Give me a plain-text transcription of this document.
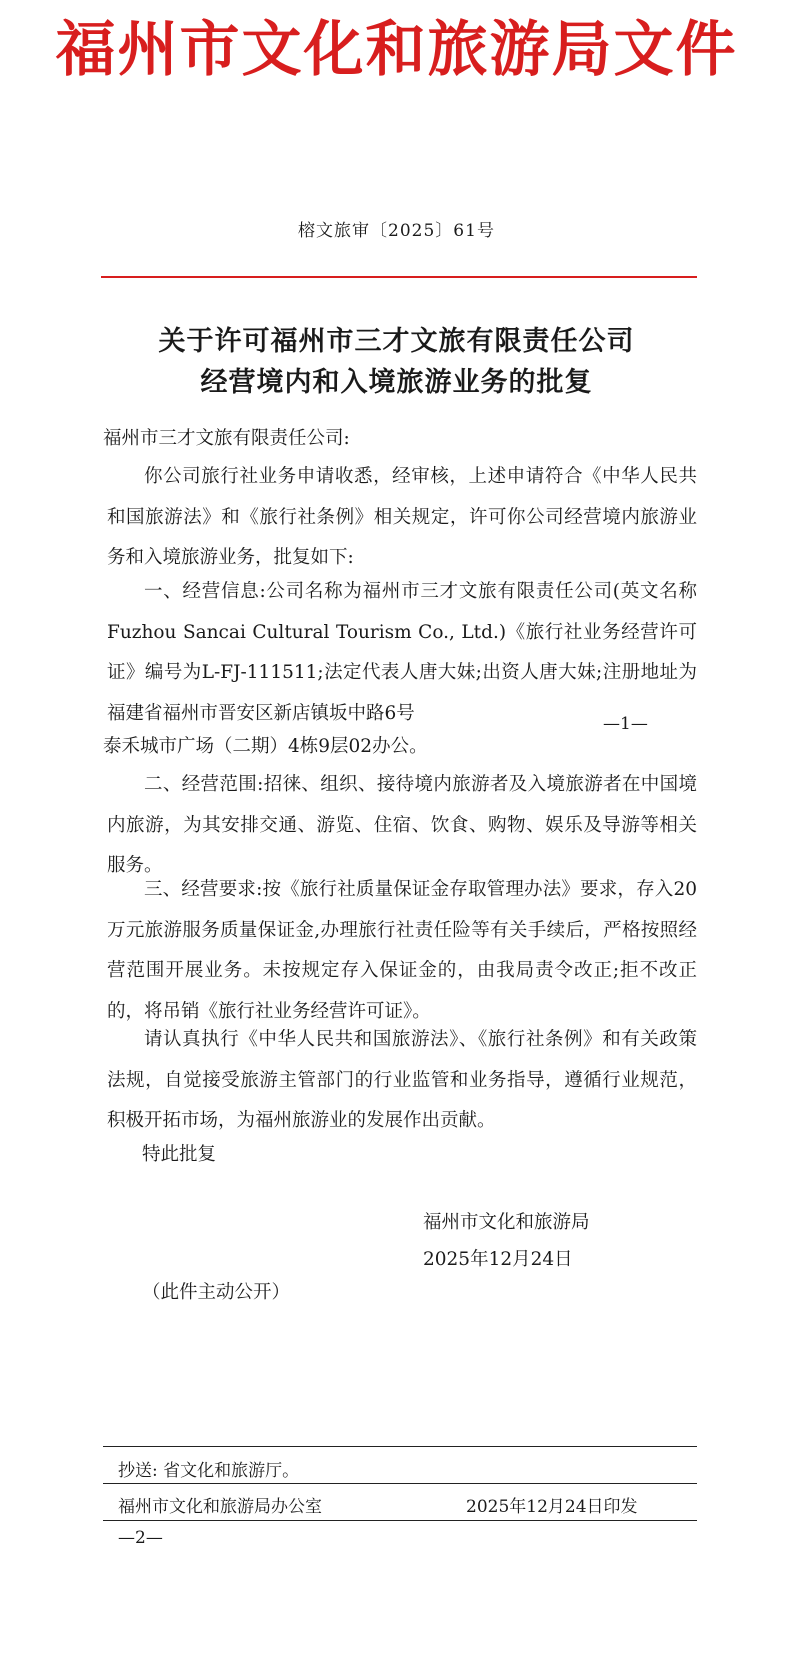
福州市文化和旅游局文件
榕文旅审〔2025〕61号
关于许可福州市三才文旅有限责任公司
经营境内和入境旅游业务的批复
福州市三才文旅有限责任公司:

你公司旅行社业务申请收悉，经审核，上述申请符合《中华人民共和国旅游法》和《旅行社条例》相关规定，许可你公司经营境内旅游业务和入境旅游业务，批复如下:

一、经营信息:公司名称为福州市三才文旅有限责任公司(英文名称Fuzhou Sancai Cultural Tourism Co., Ltd.)《旅行社业务经营许可证》编号为L-FJ-111511;法定代表人唐大妹;出资人唐大妹;注册地址为福建省福州市晋安区新店镇坂中路6号

—1—
泰禾城市广场（二期）4栋9层02办公。

二、经营范围:招徕、组织、接待境内旅游者及入境旅游者在中国境内旅游，为其安排交通、游览、住宿、饮食、购物、娱乐及导游等相关服务。

三、经营要求:按《旅行社质量保证金存取管理办法》要求，存入20万元旅游服务质量保证金,办理旅行社责任险等有关手续后，严格按照经营范围开展业务。未按规定存入保证金的，由我局责令改正;拒不改正的，将吊销《旅行社业务经营许可证》。

请认真执行《中华人民共和国旅游法》、《旅行社条例》和有关政策法规，自觉接受旅游主管部门的行业监管和业务指导，遵循行业规范，积极开拓市场，为福州旅游业的发展作出贡献。

特此批复
福州市文化和旅游局
2025年12月24日
（此件主动公开）
抄送: 省文化和旅游厅。
福州市文化和旅游局办公室	2025年12月24日印发
—2—
